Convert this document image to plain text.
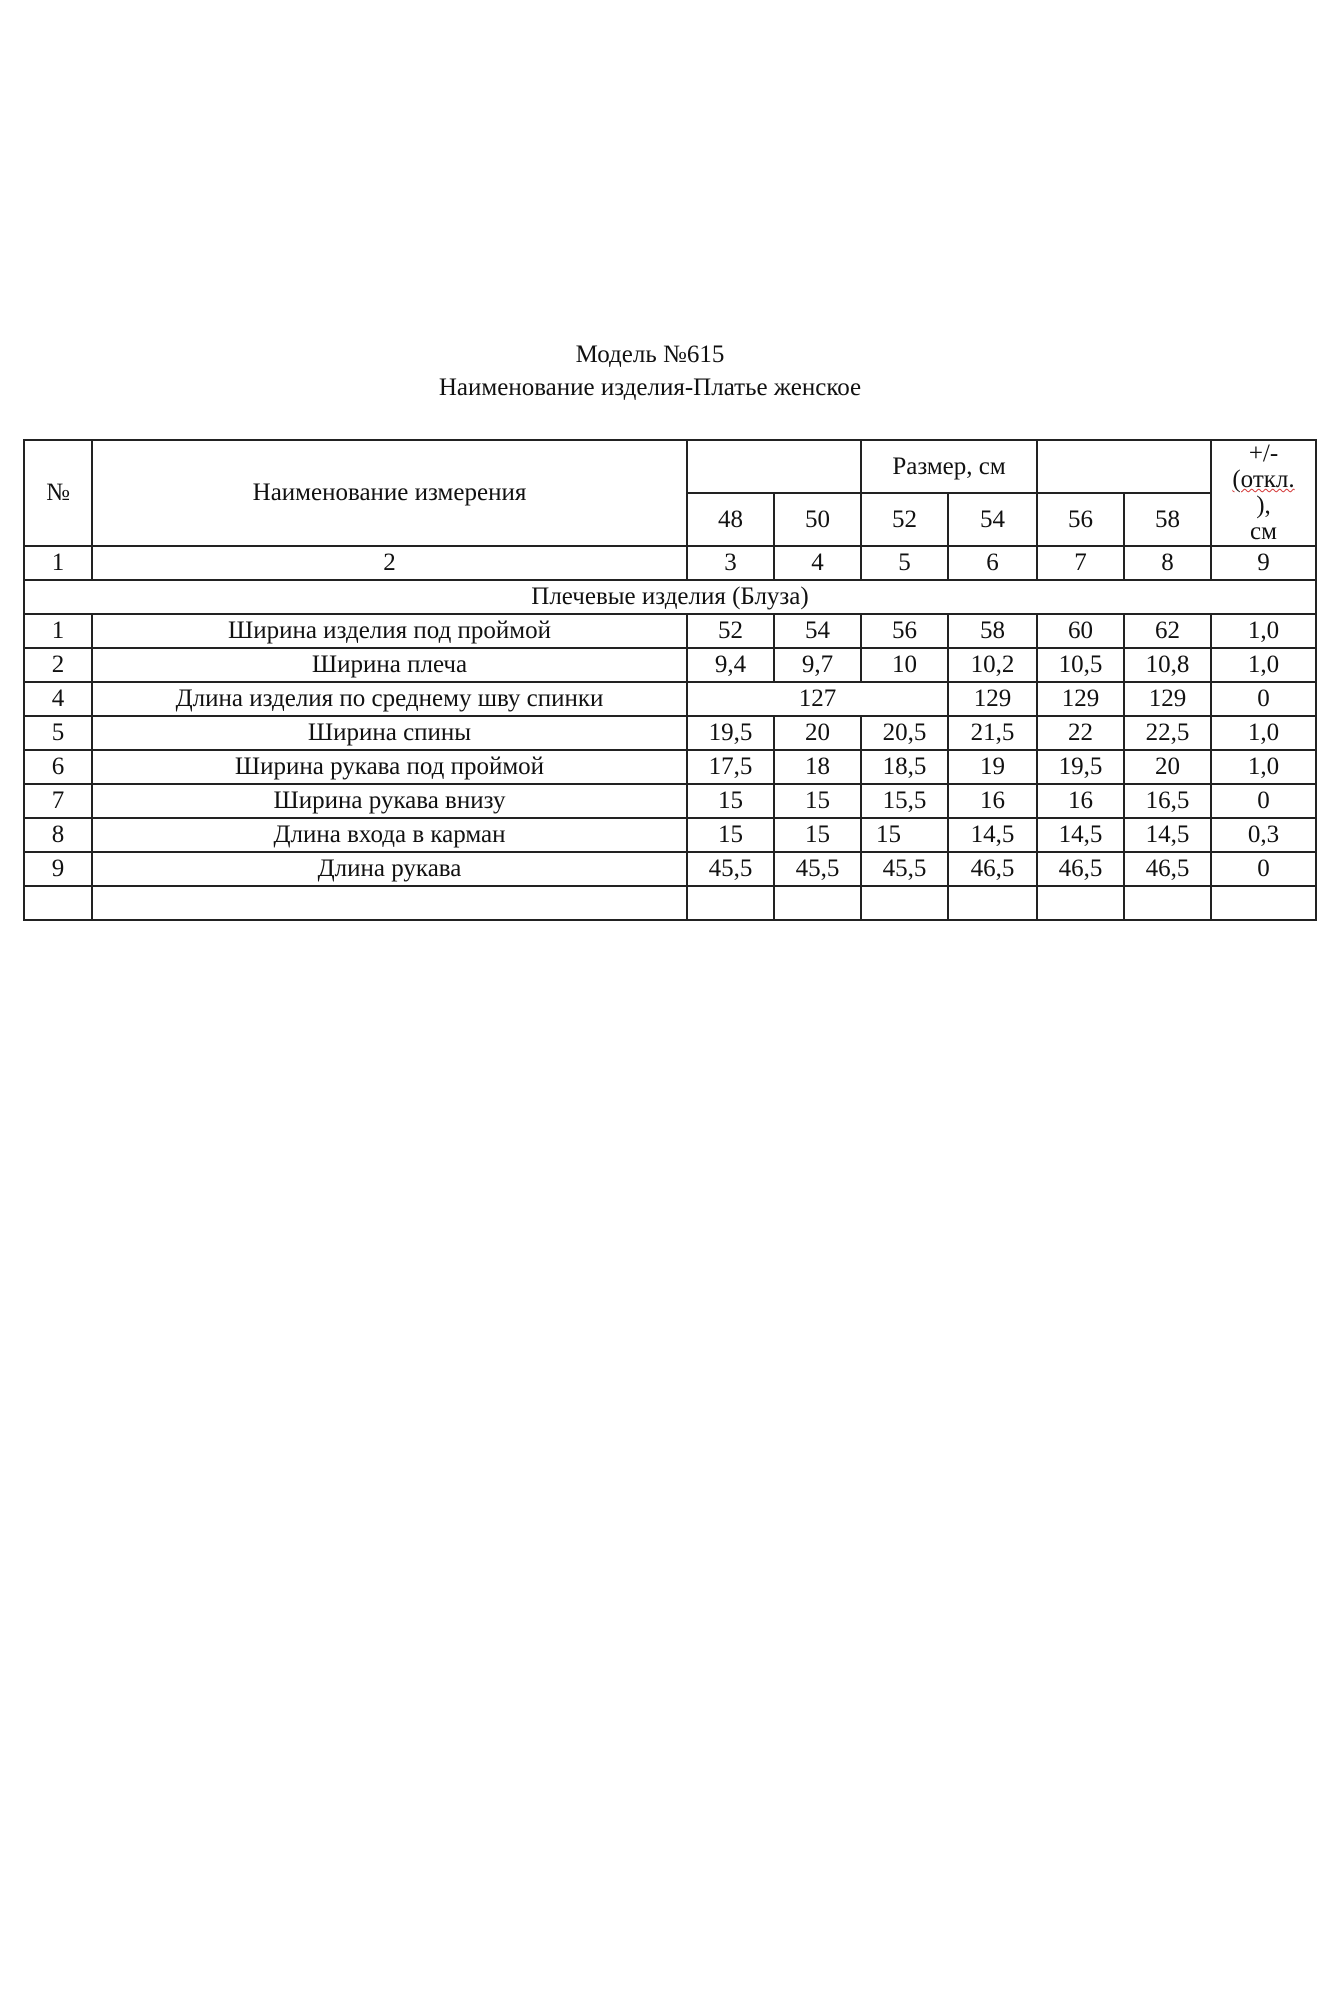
Модель №615
Наименование изделия-Платье женское
№	Наименование измерения			Размер, см				+/-
(откл.
),
см

		48	50	52	54	56	58	
1	2	3	4	5	6	7	8	9
Плечевые изделия (Блуза)								
1	Ширина изделия под проймой	52	54	56	58	60	62	1,0
2	Ширина плеча	9,4	9,7	10	10,2	10,5	10,8	1,0
4	Длина изделия по среднему шву спинки	127			129	129	129	0
5	Ширина спины	19,5	20	20,5	21,5	22	22,5	1,0
6	Ширина рукава под проймой	17,5	18	18,5	19	19,5	20	1,0
7	Ширина рукава внизу	15	15	15,5	16	16	16,5	0
8	Длина входа в карман	15	15	15	14,5	14,5	14,5	0,3
9	Длина рукава	45,5	45,5	45,5	46,5	46,5	46,5	0
